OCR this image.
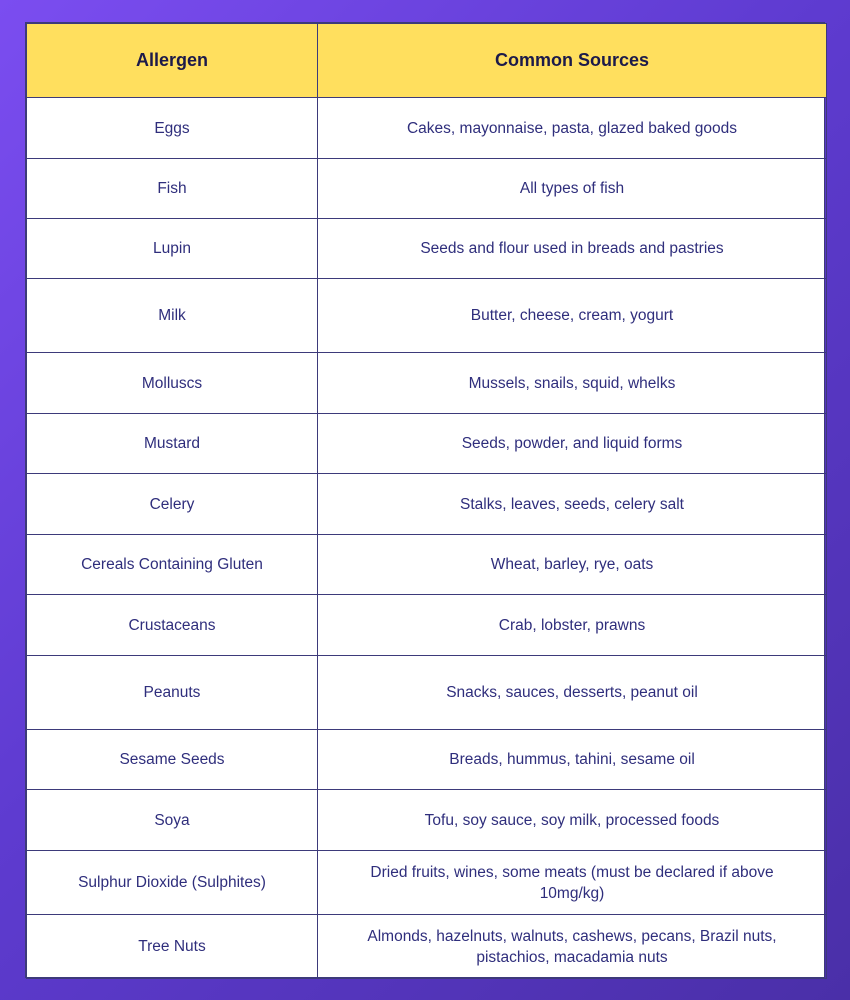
Allergen	Common Sources
Eggs	Cakes, mayonnaise, pasta, glazed baked goods
Fish	All types of fish
Lupin	Seeds and flour used in breads and pastries
Milk	Butter, cheese, cream, yogurt
Molluscs	Mussels, snails, squid, whelks
Mustard	Seeds, powder, and liquid forms
Celery	Stalks, leaves, seeds, celery salt
Cereals Containing Gluten	Wheat, barley, rye, oats
Crustaceans	Crab, lobster, prawns
Peanuts	Snacks, sauces, desserts, peanut oil
Sesame Seeds	Breads, hummus, tahini, sesame oil
Soya	Tofu, soy sauce, soy milk, processed foods
Sulphur Dioxide (Sulphites)	Dried fruits, wines, some meats (must be declared if above 10mg/kg)
Tree Nuts	Almonds, hazelnuts, walnuts, cashews, pecans, Brazil nuts, pistachios, macadamia nuts
